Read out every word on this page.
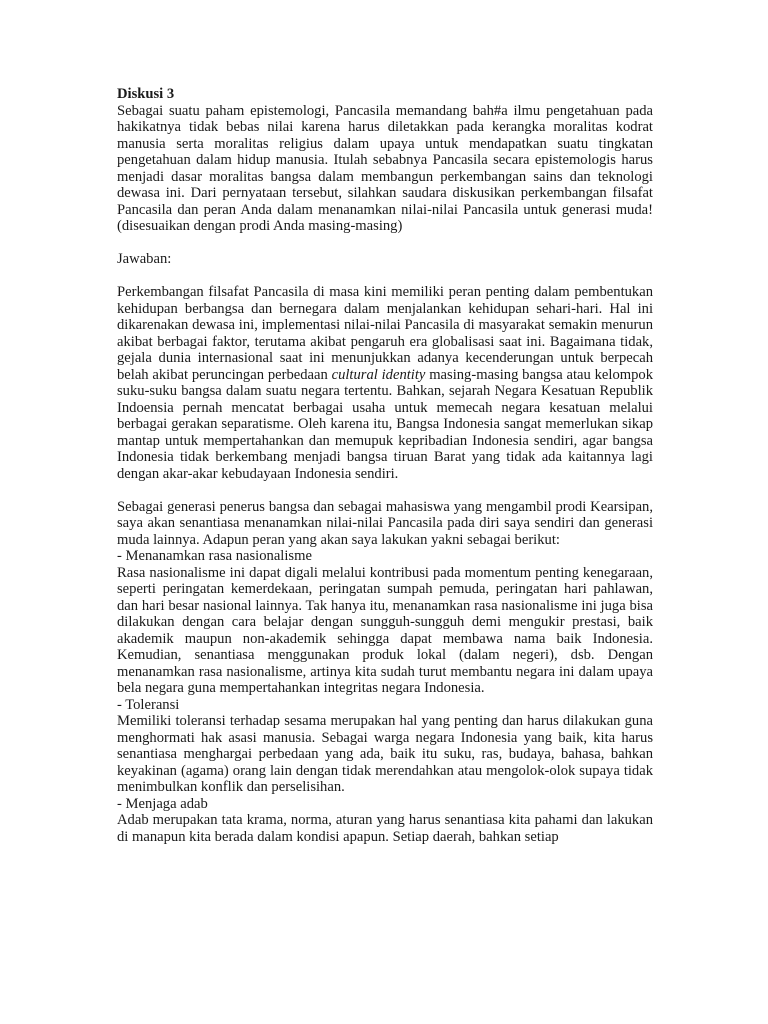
Diskusi 3

Sebagai suatu paham epistemologi, Pancasila memandang bah#a ilmu pengetahuan pada hakikatnya tidak bebas nilai karena harus diletakkan pada kerangka moralitas kodrat manusia serta moralitas religius dalam upaya untuk mendapatkan suatu tingkatan pengetahuan dalam hidup manusia. Itulah sebabnya Pancasila secara epistemologis harus menjadi dasar moralitas bangsa dalam membangun perkembangan sains dan teknologi dewasa ini. Dari pernyataan tersebut, silahkan saudara diskusikan perkembangan filsafat Pancasila dan peran Anda dalam menanamkan nilai-nilai Pancasila untuk generasi muda! (disesuaikan dengan prodi Anda masing-masing)

Jawaban:

Perkembangan filsafat Pancasila di masa kini memiliki peran penting dalam pembentukan kehidupan berbangsa dan bernegara dalam menjalankan kehidupan sehari-hari. Hal ini dikarenakan dewasa ini, implementasi nilai-nilai Pancasila di masyarakat semakin menurun akibat berbagai faktor, terutama akibat pengaruh era globalisasi saat ini. Bagaimana tidak, gejala dunia internasional saat ini menunjukkan adanya kecenderungan untuk berpecah belah akibat peruncingan perbedaan cultural identity masing-masing bangsa atau kelompok suku-suku bangsa dalam suatu negara tertentu. Bahkan, sejarah Negara Kesatuan Republik Indoensia pernah mencatat berbagai usaha untuk memecah negara kesatuan melalui berbagai gerakan separatisme. Oleh karena itu, Bangsa Indonesia sangat memerlukan sikap mantap untuk mempertahankan dan memupuk kepribadian Indonesia sendiri, agar bangsa Indonesia tidak berkembang menjadi bangsa tiruan Barat yang tidak ada kaitannya lagi dengan akar-akar kebudayaan Indonesia sendiri.

Sebagai generasi penerus bangsa dan sebagai mahasiswa yang mengambil prodi Kearsipan, saya akan senantiasa menanamkan nilai-nilai Pancasila pada diri saya sendiri dan generasi muda lainnya. Adapun peran yang akan saya lakukan yakni sebagai berikut:

- Menanamkan rasa nasionalisme

Rasa nasionalisme ini dapat digali melalui kontribusi pada momentum penting kenegaraan, seperti peringatan kemerdekaan, peringatan sumpah pemuda, peringatan hari pahlawan, dan hari besar nasional lainnya. Tak hanya itu, menanamkan rasa nasionalisme ini juga bisa dilakukan dengan cara belajar dengan sungguh-sungguh demi mengukir prestasi, baik akademik maupun non-akademik sehingga dapat membawa nama baik Indonesia. Kemudian, senantiasa menggunakan produk lokal (dalam negeri), dsb. Dengan menanamkan rasa nasionalisme, artinya kita sudah turut membantu negara ini dalam upaya bela negara guna mempertahankan integritas negara Indonesia.

- Toleransi

Memiliki toleransi terhadap sesama merupakan hal yang penting dan harus dilakukan guna menghormati hak asasi manusia. Sebagai warga negara Indonesia yang baik, kita harus senantiasa menghargai perbedaan yang ada, baik itu suku, ras, budaya, bahasa, bahkan keyakinan (agama) orang lain dengan tidak merendahkan atau mengolok-olok supaya tidak menimbulkan konflik dan perselisihan.

- Menjaga adab

Adab merupakan tata krama, norma, aturan yang harus senantiasa kita pahami dan lakukan di manapun kita berada dalam kondisi apapun. Setiap daerah, bahkan setiap
